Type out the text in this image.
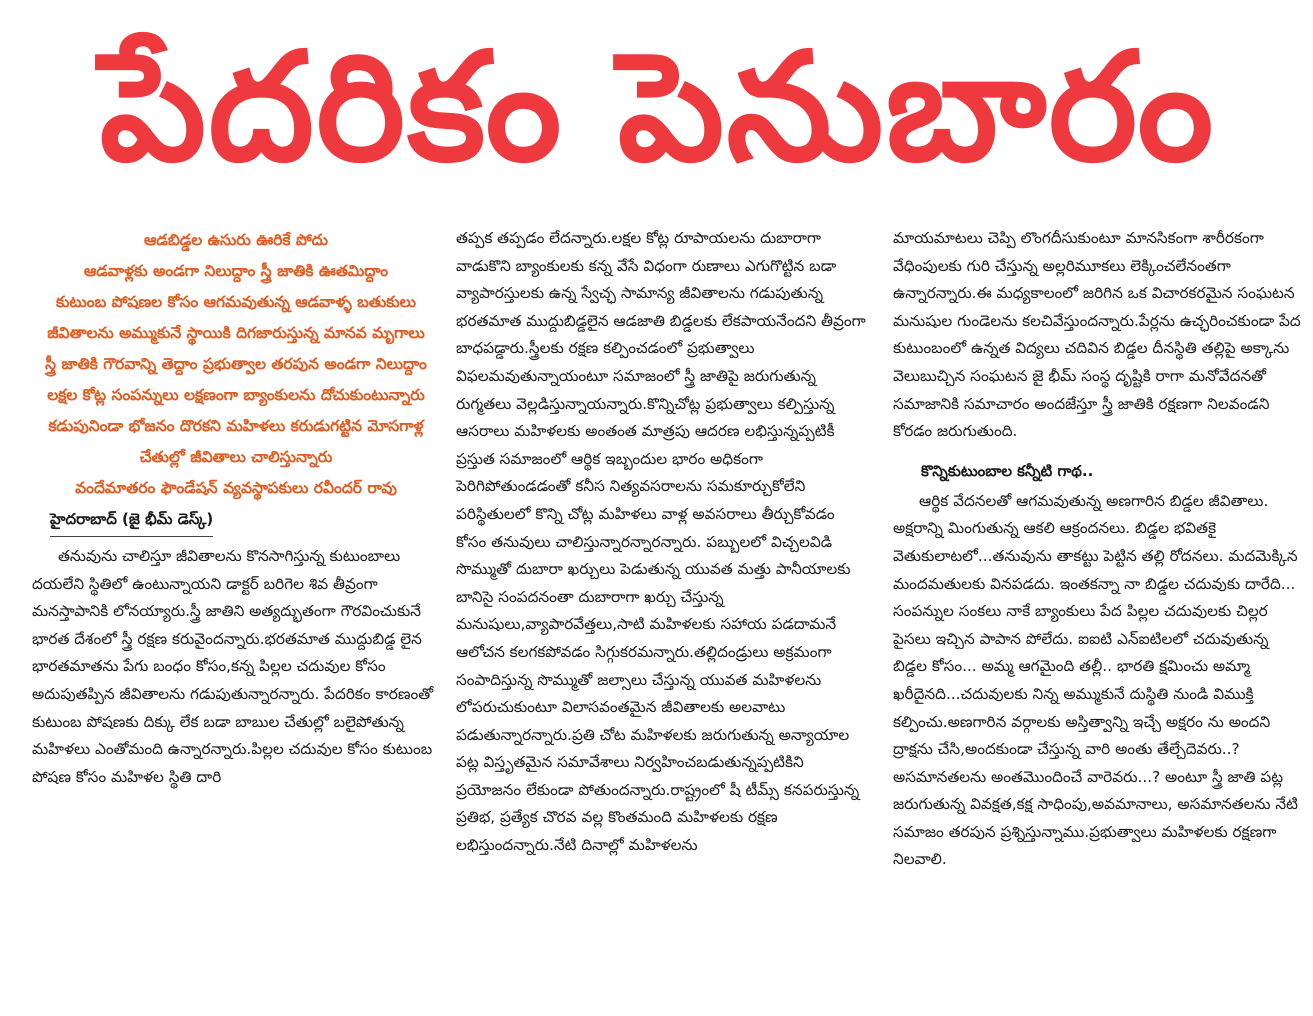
పేదరికం పెనుబారం

ఆడబిడ్డల ఉసురు ఊరికే పోదు

ఆడవాళ్లకు అండగా నిలుద్దాం స్త్రీ జాతికి ఊతమిద్దాం

కుటుంబ పోషణల కోసం ఆగమవుతున్న ఆడవాళ్ళ బతుకులు

జీవితాలను అమ్ముకునే స్థాయికి దిగజారుస్తున్న మానవ మృగాలు

స్త్రీ జాతికి గౌరవాన్ని తెద్దాం ప్రభుత్వాల తరపున అండగా నిలుద్దాం

లక్షల కోట్ల సంపన్నులు లక్షణంగా బ్యాంకులను దోచుకుంటున్నారు

కడుపునిండా భోజనం దొరకని మహిళలు కరుడుగట్టిన మోసగాళ్ల చేతుల్లో జీవితాలు చాలిస్తున్నారు

వందేమాతరం ఫౌండేషన్ వ్యవస్థాపకులు రవీందర్ రావు

హైదరాబాద్ (జై భీమ్ డెస్క్)

తనువును చాలిస్తూ జీవితాలను కొనసాగిస్తున్న కుటుంబాలు దయలేని స్థితిలో ఉంటున్నాయని డాక్టర్ బరిగెల శివ తీవ్రంగా మనస్తాపానికి లోనయ్యారు.స్త్రీ జాతిని అత్యద్భుతంగా గౌరవించుకునే భారత దేశంలో స్త్రీ రక్షణ కరువైందన్నారు.భరతమాత ముద్దుబిడ్డ లైన భారతమాతను పేగు బంధం కోసం,కన్న పిల్లల చదువుల కోసం అదుపుతప్పిన జీవితాలను గడుపుతున్నారన్నారు. పేదరికం కారణంతో కుటుంబ పోషణకు దిక్కు లేక బడా బాబుల చేతుల్లో బలైపోతున్న మహిళలు ఎంతోమంది ఉన్నారన్నారు.పిల్లల చదువుల కోసం కుటుంబ పోషణ కోసం మహిళల స్థితి దారి

తప్పక తప్పడం లేదన్నారు.లక్షల కోట్ల రూపాయలను దుబారాగా వాడుకొని బ్యాంకులకు కన్న వేసే విధంగా రుణాలు ఎగుగొట్టిన బడా వ్యాపారస్తులకు ఉన్న స్వేచ్ఛ సామాన్య జీవితాలను గడుపుతున్న భరతమాత ముద్దుబిడ్డలైన ఆడజాతి బిడ్డలకు లేకపాయనేందని తీవ్రంగా బాధపడ్డారు.స్త్రీలకు రక్షణ కల్పించడంలో ప్రభుత్వాలు విఫలమవుతున్నాయంటూ సమాజంలో స్త్రీ జాతిపై జరుగుతున్న రుగ్మతలు వెల్లడిస్తున్నాయన్నారు.కొన్నిచోట్ల ప్రభుత్వాలు కల్పిస్తున్న ఆసరాలు మహిళలకు అంతంత మాత్రపు ఆదరణ లభిస్తున్నప్పటికీ ప్రస్తుత సమాజంలో ఆర్థిక ఇబ్బందుల భారం అధికంగా పెరిగిపోతుండడంతో కనీస నిత్యవసరాలను సమకూర్చుకోలేని పరిస్థితులలో కొన్ని చోట్ల మహిళలు వాళ్ల అవసరాలు తీర్చుకోవడం కోసం తనువులు చాలిస్తున్నారన్నారన్నారు. పబ్బులలో విచ్చలవిడి సొమ్ముతో దుబారా ఖర్చులు పెడుతున్న యువత మత్తు పానీయాలకు బానిసై సంపదనంతా దుబారాగా ఖర్చు చేస్తున్న మనుషులు,వ్యాపారవేత్తలు,సాటి మహిళలకు సహాయ పడదామనే ఆలోచన కలగకపోవడం సిగ్గుకరమన్నారు.తల్లిదండ్రులు అక్రమంగా సంపాదిస్తున్న సొమ్ముతో జల్సాలు చేస్తున్న యువత మహిళలను లోపరుచుకుంటూ విలాసవంతమైన జీవితాలకు అలవాటు పడుతున్నారన్నారు.ప్రతి చోట మహిళలకు జరుగుతున్న అన్యాయాల పట్ల విస్తృతమైన సమావేశాలు నిర్వహించబడుతున్నప్పటికిని ప్రయోజనం లేకుండా పోతుందన్నారు.రాష్ట్రంలో షీ టీమ్స్ కనపరుస్తున్న ప్రతిభ, ప్రత్యేక చొరవ వల్ల కొంతమంది మహిళలకు రక్షణ లభిస్తుందన్నారు.నేటి దినాల్లో మహిళలను

మాయమాటలు చెప్పి లొంగదీసుకుంటూ మానసికంగా శారీరకంగా వేధింపులకు గురి చేస్తున్న అల్లరిమూకలు లెక్కించలేనంతగా ఉన్నారన్నారు.ఈ మధ్యకాలంలో జరిగిన ఒక విచారకరమైన సంఘటన మనుషుల గుండెలను కలచివేస్తుందన్నారు.పేర్లను ఉచ్ఛరించకుండా పేద కుటుంబంలో ఉన్నత విద్యలు చదివిన బిడ్డల దీనస్థితి తల్లిపై అక్కాను వెలుబుచ్చిన సంఘటన జై భీమ్ సంస్థ దృష్టికి రాగా మనోవేదనతో సమాజానికి సమాచారం అందజేస్తూ స్త్రీ జాతికి రక్షణగా నిలవండని కోరడం జరుగుతుంది.

కొన్నికుటుంబాల కన్నీటి గాథ..

ఆర్థిక వేదనలతో ఆగమవుతున్న అణగారిన బిడ్డల జీవితాలు. అక్షరాన్ని మింగుతున్న ఆకలి ఆక్రందనలు. బిడ్డల భవితకై వెతుకులాటలో...తనువును తాకట్టు పెట్టిన తల్లి రోదనలు. మదమెక్కిన మందమతులకు వినపడదు. ఇంతకన్నా నా బిడ్డల చదువుకు దారేది... సంపన్నుల సంకలు నాకే బ్యాంకులు పేద పిల్లల చదువులకు చిల్లర పైసలు ఇచ్చిన పాపాన పోలేదు. ఐఐటి ఎన్ఐటిలలో చదువుతున్న బిడ్డల కోసం... అమ్మ ఆగమైంది తల్లీ.. భారతి క్షమించు అమ్మా ఖరీదైనది...చదువులకు నిన్న అమ్ముకునే దుస్థితి నుండి విముక్తి కల్పించు.అణగారిన వర్గాలకు అస్తిత్వాన్ని ఇచ్చే అక్షరం ను అందని ద్రాక్షను చేసి,అందకుండా చేస్తున్న వారి అంతు తేల్చేదెవరు..? అసమానతలను అంతమొందించే వారెవరు...? అంటూ స్త్రీ జాతి పట్ల జరుగుతున్న వివక్షత,కక్ష సాధింపు,అవమానాలు, అసమానతలను నేటి సమాజం తరపున ప్రశ్నిస్తున్నాము.ప్రభుత్వాలు మహిళలకు రక్షణగా నిలవాలి.
